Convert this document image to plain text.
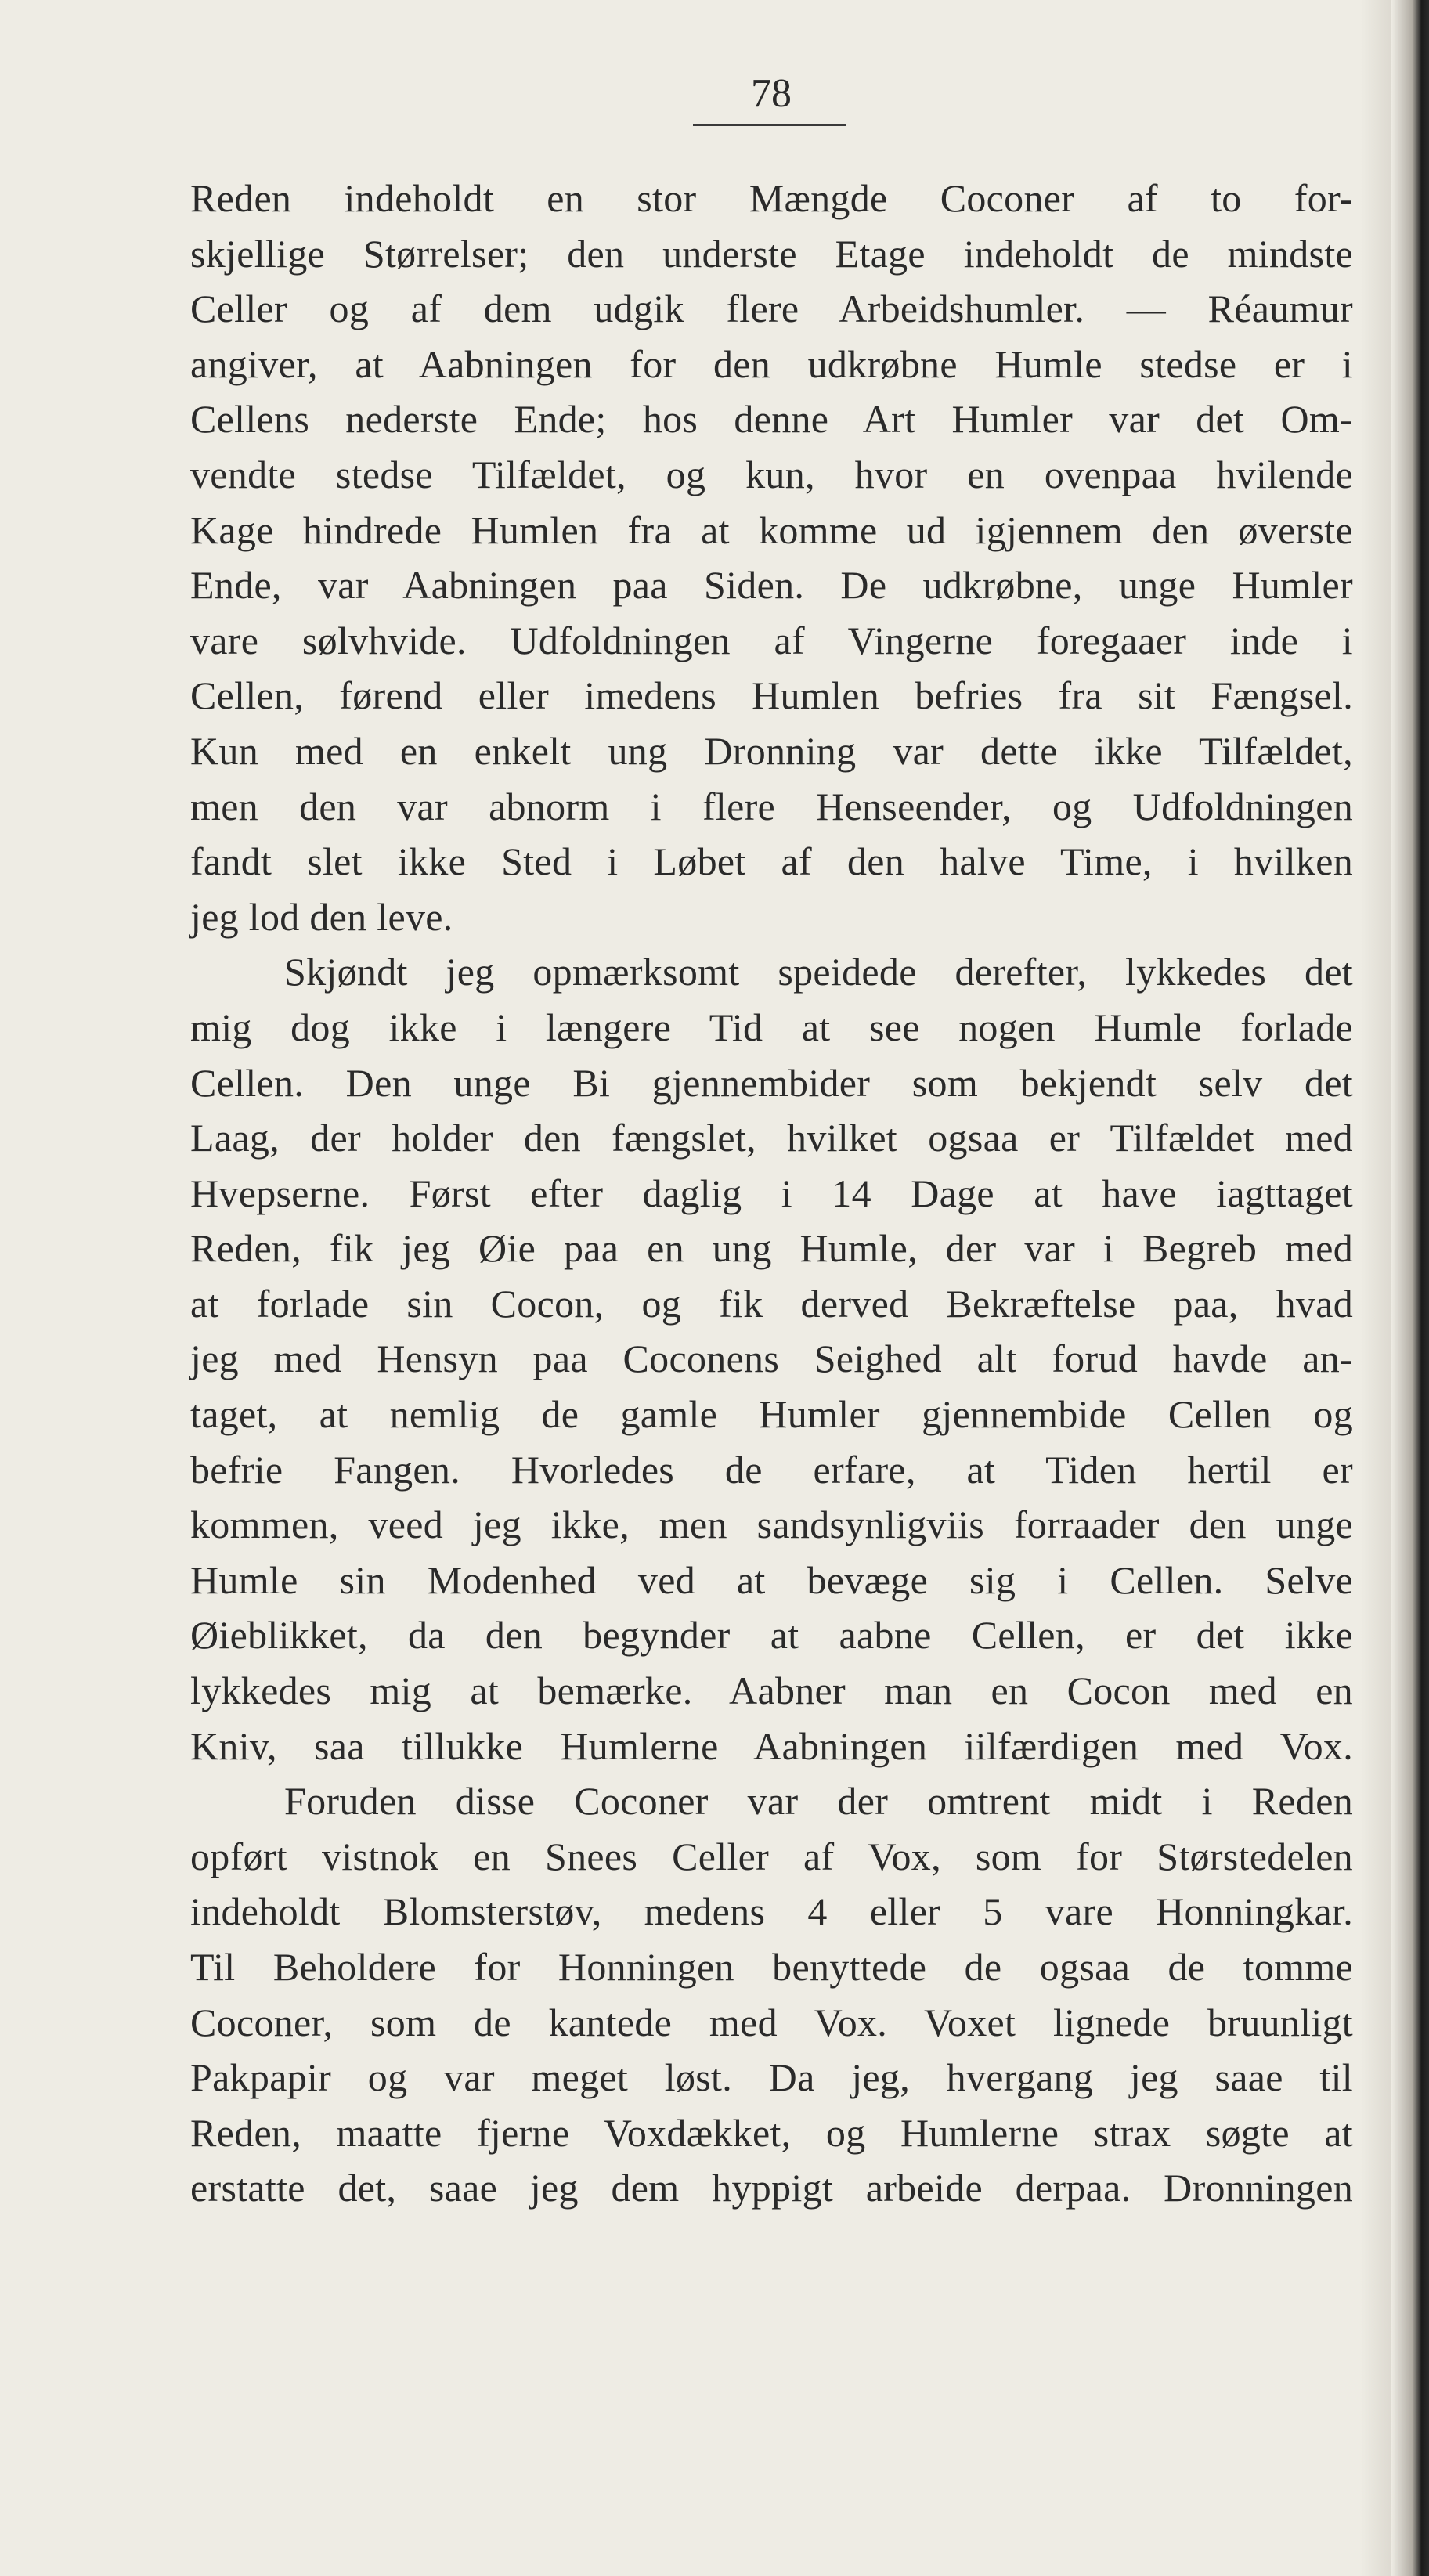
78
Reden indeholdt en stor Mængde Coconer af to for-
skjellige Størrelser; den underste Etage indeholdt de mindste
Celler og af dem udgik flere Arbeidshumler. — Réaumur
angiver, at Aabningen for den udkrøbne Humle stedse er i
Cellens nederste Ende; hos denne Art Humler var det Om-
vendte stedse Tilfældet, og kun, hvor en ovenpaa hvilende
Kage hindrede Humlen fra at komme ud igjennem den øverste
Ende, var Aabningen paa Siden. De udkrøbne, unge Humler
vare sølvhvide. Udfoldningen af Vingerne foregaaer inde i
Cellen, førend eller imedens Humlen befries fra sit Fængsel.
Kun med en enkelt ung Dronning var dette ikke Tilfældet,
men den var abnorm i flere Henseender, og Udfoldningen
fandt slet ikke Sted i Løbet af den halve Time, i hvilken
jeg lod den leve.
Skjøndt jeg opmærksomt speidede derefter, lykkedes det
mig dog ikke i længere Tid at see nogen Humle forlade
Cellen. Den unge Bi gjennembider som bekjendt selv det
Laag, der holder den fængslet, hvilket ogsaa er Tilfældet med
Hvepserne. Først efter daglig i 14 Dage at have iagttaget
Reden, fik jeg Øie paa en ung Humle, der var i Begreb med
at forlade sin Cocon, og fik derved Bekræftelse paa, hvad
jeg med Hensyn paa Coconens Seighed alt forud havde an-
taget, at nemlig de gamle Humler gjennembide Cellen og
befrie Fangen. Hvorledes de erfare, at Tiden hertil er
kommen, veed jeg ikke, men sandsynligviis forraader den unge
Humle sin Modenhed ved at bevæge sig i Cellen. Selve
Øieblikket, da den begynder at aabne Cellen, er det ikke
lykkedes mig at bemærke. Aabner man en Cocon med en
Kniv, saa tillukke Humlerne Aabningen iilfærdigen med Vox.
Foruden disse Coconer var der omtrent midt i Reden
opført vistnok en Snees Celler af Vox, som for Størstedelen
indeholdt Blomsterstøv, medens 4 eller 5 vare Honningkar.
Til Beholdere for Honningen benyttede de ogsaa de tomme
Coconer, som de kantede med Vox. Voxet lignede bruunligt
Pakpapir og var meget løst. Da jeg, hvergang jeg saae til
Reden, maatte fjerne Voxdækket, og Humlerne strax søgte at
erstatte det, saae jeg dem hyppigt arbeide derpaa. Dronningen
